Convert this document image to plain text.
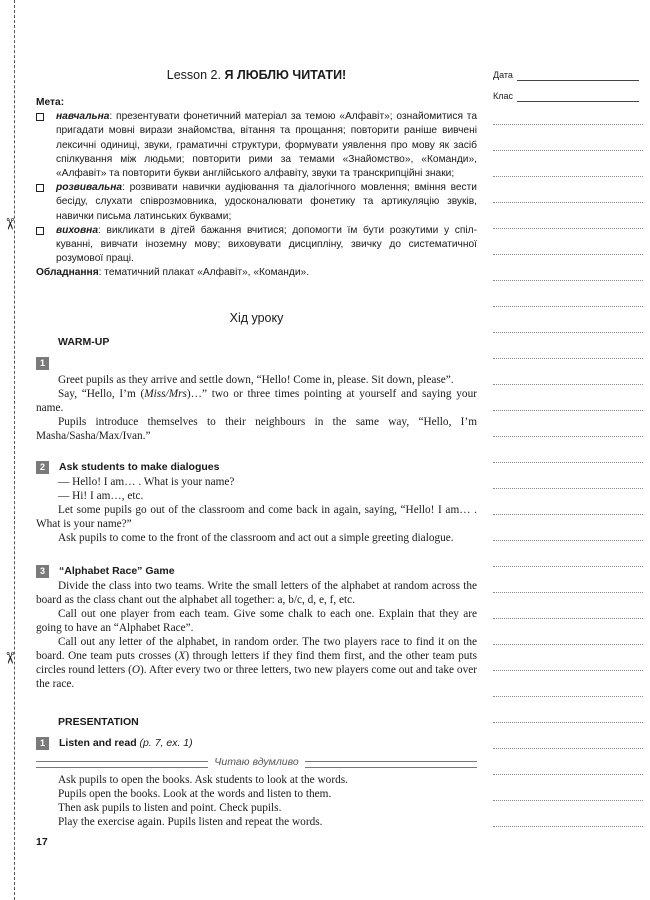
✂
✂
Lesson 2. Я ЛЮБЛЮ ЧИТАТИ!
Мета:
навчальна: презентувати фонетичний матеріал за темою «Алфавіт»; ознайомитися та пригадати мовні вирази знайомства, вітання та прощання; повторити раніше вивчені лексичні одиниці, звуки, граматичні структури, формувати уявлення про мову як засіб спілкування між людьми; повторити рими за темами «Знайомство», «Команди», «Алфавіт» та повторити букви англійського алфавіту, звуки та транскрипційні знаки;
розвивальна: розвивати навички аудіювання та діалогічного мовлення; вміння вести бесіду, слухати співрозмовника, удосконалювати фонетику та артикуляцію звуків, навички письма латинських буквами;
виховна: викликати в дітей бажання вчитися; допомогти їм бути розкутими у спілкуванні, вивчати іноземну мову; виховувати дисципліну, звичку до систематичної розумової праці.
Обладнання: тематичний плакат «Алфавіт», «Команди».
Хід уроку
WARM-UP
1
Greet pupils as they arrive and settle down, “Hello! Come in, please. Sit down, please”.
Say, “Hello, I’m (Miss/Mrs)…” two or three times pointing at yourself and saying your name.
Pupils introduce themselves to their neighbours in the same way, “Hello, I’m Masha/Sasha/Max/Ivan.”
2	Ask students to make dialogues
— Hello! I am… . What is your name?
— Hi! I am…, etc.
Let some pupils go out of the classroom and come back in again, saying, “Hello! I am… . What is your name?”
Ask pupils to come to the front of the classroom and act out a simple greeting dialogue.
3	“Alphabet Race” Game
Divide the class into two teams. Write the small letters of the alphabet at random across the board as the class chant out the alphabet all together: a, b/c, d, e, f, etc.
Call out one player from each team. Give some chalk to each one. Explain that they are going to have an “Alphabet Race”.
Call out any letter of the alphabet, in random order. The two players race to find it on the board. One team puts crosses (X) through letters if they find them first, and the other team puts circles round letters (O). After every two or three letters, two new players come out and take over the race.
PRESENTATION
1	Listen and read (p. 7, ex. 1)
Читаю вдумливо
Ask pupils to open the books. Ask students to look at the words.
Pupils open the books. Look at the words and listen to them.
Then ask pupils to listen and point. Check pupils.
Play the exercise again. Pupils listen and repeat the words.
17
Дата
Клас
